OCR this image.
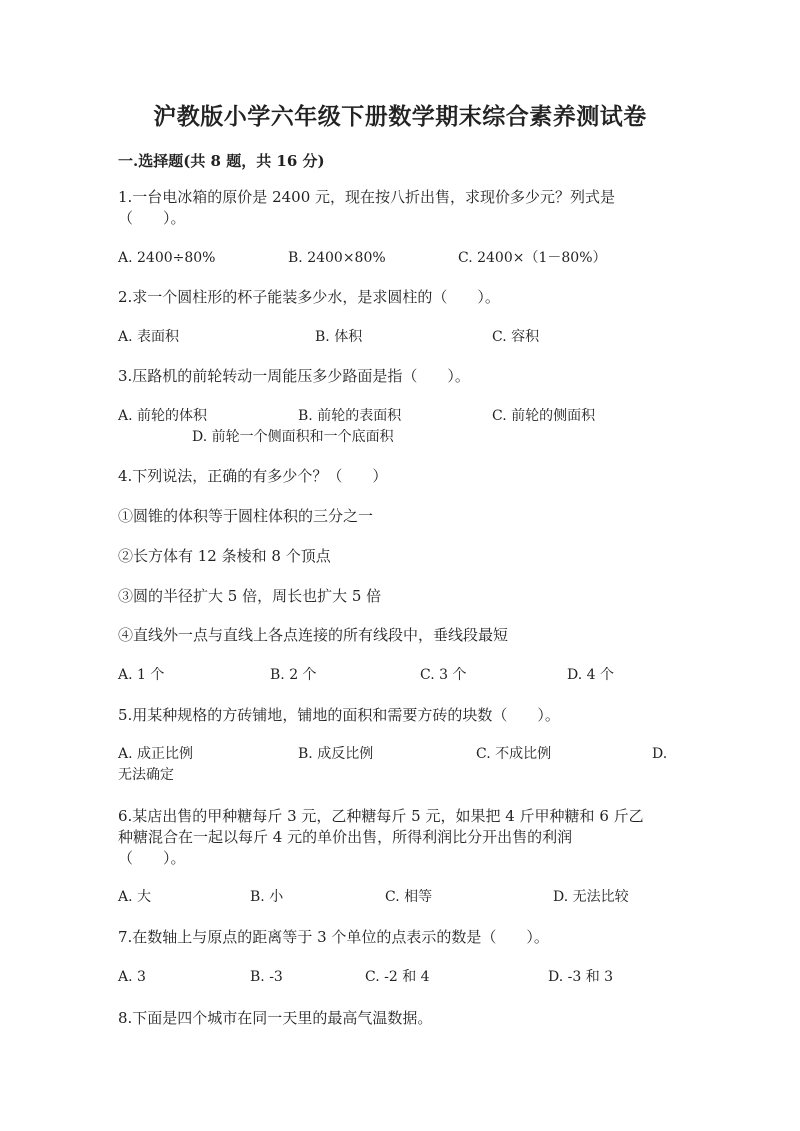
沪教版小学六年级下册数学期末综合素养测试卷
一.选择题(共 8 题，共 16 分)
1.一台电冰箱的原价是 2400 元，现在按八折出售，求现价多少元？列式是
（　　）。
A. 2400÷80%	B. 2400×80%	C. 2400×（1－80%）
2.求一个圆柱形的杯子能装多少水，是求圆柱的（　　）。
A. 表面积	B. 体积	C. 容积
3.压路机的前轮转动一周能压多少路面是指（　　）。
A. 前轮的体积	B. 前轮的表面积	C. 前轮的侧面积
D. 前轮一个侧面积和一个底面积
4.下列说法，正确的有多少个？（　　）
①圆锥的体积等于圆柱体积的三分之一
②长方体有 12 条棱和 8 个顶点
③圆的半径扩大 5 倍，周长也扩大 5 倍
④直线外一点与直线上各点连接的所有线段中，垂线段最短
A. 1 个	B. 2 个	C. 3 个	D. 4 个
5.用某种规格的方砖铺地，铺地的面积和需要方砖的块数（　　）。
A. 成正比例	B. 成反比例	C. 不成比例	D.
无法确定
6.某店出售的甲种糖每斤 3 元，乙种糖每斤 5 元，如果把 4 斤甲种糖和 6 斤乙
种糖混合在一起以每斤 4 元的单价出售，所得利润比分开出售的利润
（　　）。
A. 大	B. 小	C. 相等	D. 无法比较
7.在数轴上与原点的距离等于 3 个单位的点表示的数是（　　）。
A. 3	B. -3	C. -2 和 4	D. -3 和 3
8.下面是四个城市在同一天里的最高气温数据。
